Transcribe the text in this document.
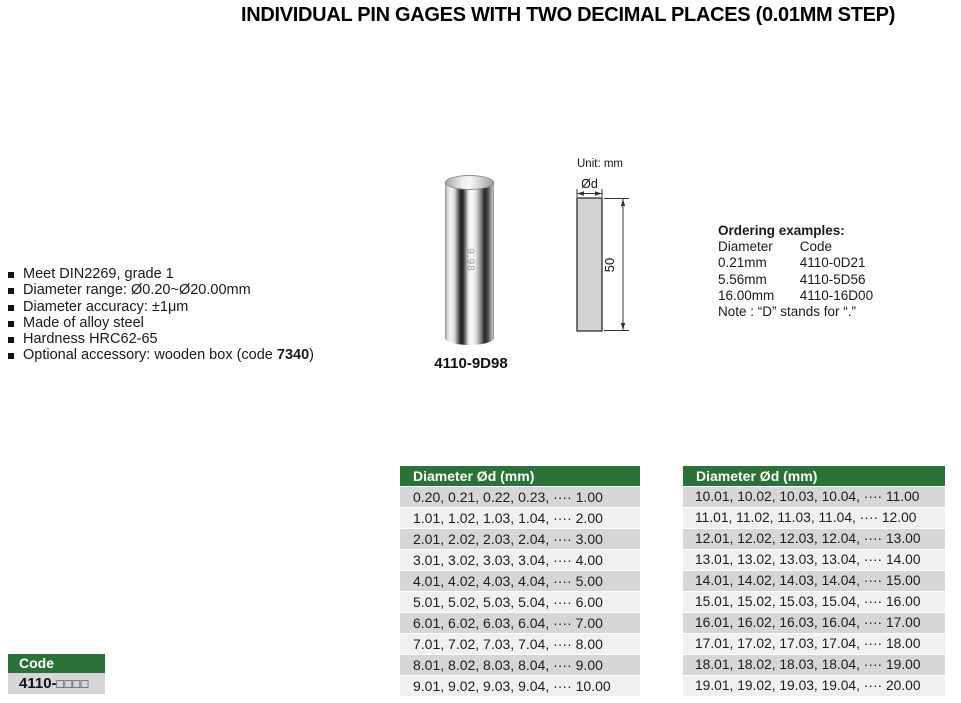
INDIVIDUAL PIN GAGES WITH TWO DECIMAL PLACES (0.01MM STEP)
Meet DIN2269, grade 1
Diameter range: Ø0.20~Ø20.00mm
Diameter accuracy: ±1μm
Made of alloy steel
Hardness HRC62-65
Optional accessory: wooden box (code 7340)
9.98
4110-9D98
Unit: mm
Ød
50
Ordering examples:
Diameter Code
0.21mm 4110-0D21
5.56mm 4110-5D56
16.00mm 4110-16D00
Note : “D” stands for “.”
Diameter Ød (mm)
0.20, 0.21, 0.22, 0.23, ···· 1.00
1.01, 1.02, 1.03, 1.04, ···· 2.00
2.01, 2.02, 2.03, 2.04, ···· 3.00
3.01, 3.02, 3.03, 3.04, ···· 4.00
4.01, 4.02, 4.03, 4.04, ···· 5.00
5.01, 5.02, 5.03, 5.04, ···· 6.00
6.01, 6.02, 6.03, 6.04, ···· 7.00
7.01, 7.02, 7.03, 7.04, ···· 8.00
8.01, 8.02, 8.03, 8.04, ···· 9.00
9.01, 9.02, 9.03, 9.04, ···· 10.00
Diameter Ød (mm)
10.01, 10.02, 10.03, 10.04, ···· 11.00
11.01, 11.02, 11.03, 11.04, ···· 12.00
12.01, 12.02, 12.03, 12.04, ···· 13.00
13.01, 13.02, 13.03, 13.04, ···· 14.00
14.01, 14.02, 14.03, 14.04, ···· 15.00
15.01, 15.02, 15.03, 15.04, ···· 16.00
16.01, 16.02, 16.03, 16.04, ···· 17.00
17.01, 17.02, 17.03, 17.04, ···· 18.00
18.01, 18.02, 18.03, 18.04, ···· 19.00
19.01, 19.02, 19.03, 19.04, ···· 20.00
Code
4110-□□□□
